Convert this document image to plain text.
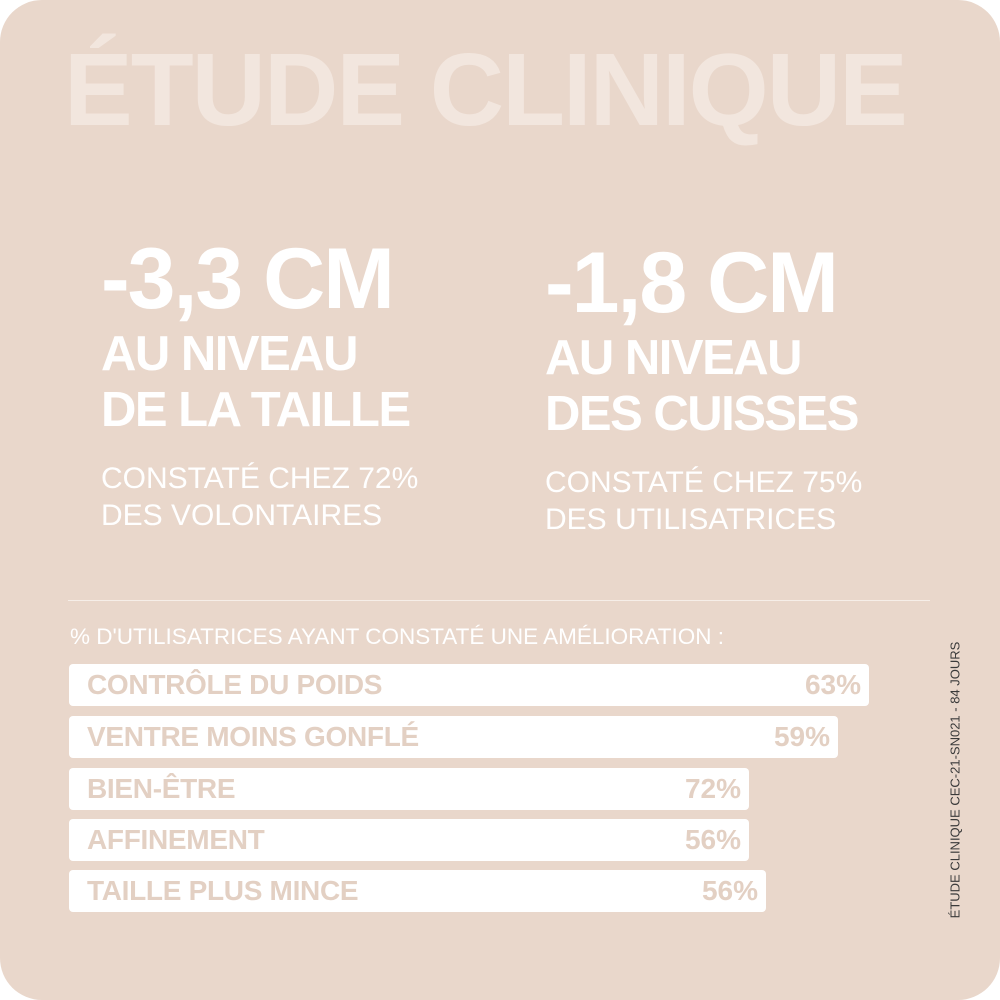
ÉTUDE CLINIQUE
-3,3 CM
AU NIVEAU
DE LA TAILLE
CONSTATÉ CHEZ 72%
DES VOLONTAIRES
-1,8 CM
AU NIVEAU
DES CUISSES
CONSTATÉ CHEZ 75%
DES UTILISATRICES
% D'UTILISATRICES AYANT CONSTATÉ UNE AMÉLIORATION :
CONTRÔLE DU POIDS	63%
VENTRE MOINS GONFLÉ	59%
BIEN-ÊTRE	72%
AFFINEMENT	56%
TAILLE PLUS MINCE	56%	ÉTUDE CLINIQUE CEC-21-SN021 - 84 JOURS
